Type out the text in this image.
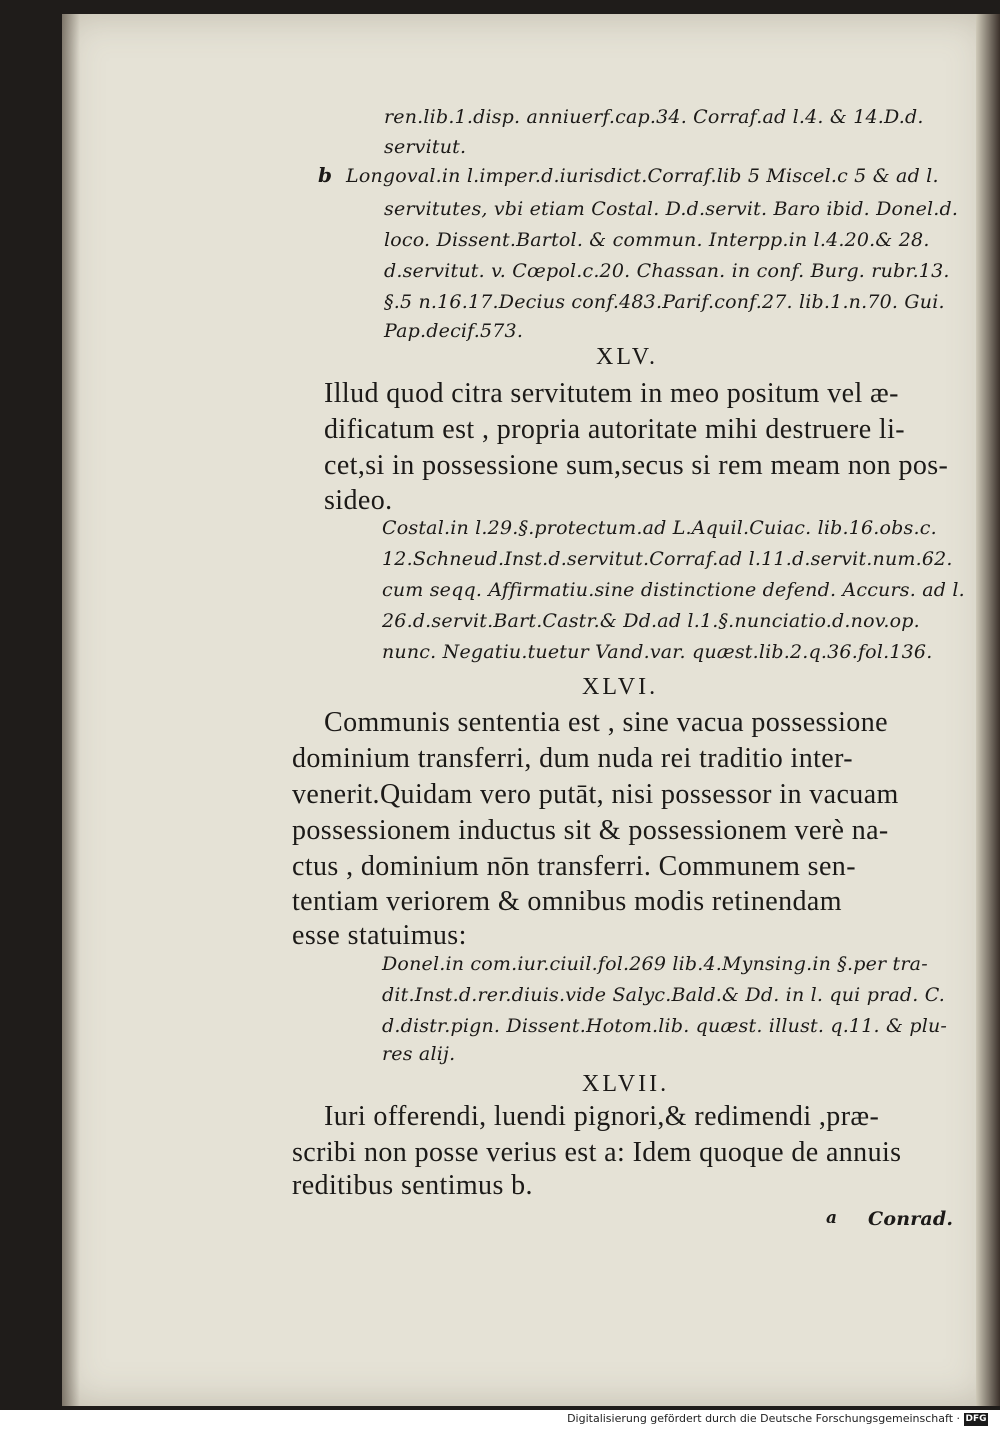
ren.lib.1.disp. anniuerf.cap.34. Corraf.ad l.4. & 14.D.d.
servitut.
b Longoval.in l.imper.d.iurisdict.Corraf.lib 5 Miscel.c 5 & ad l.
servitutes, vbi etiam Costal. D.d.servit. Baro ibid. Donel.d.
loco. Dissent.Bartol. & commun. Interpp.in l.4.20.& 28.
d.servitut. v. Cœpol.c.20. Chassan. in conf. Burg. rubr.13.
§.5 n.16.17.Decius conf.483.Parif.conf.27. lib.1.n.70. Gui.
Pap.decif.573.
XLV.
Illud quod citra servitutem in meo positum vel æ-
dificatum est , propria autoritate mihi destruere li-
cet,si in possessione sum,secus si rem meam non pos-
sideo.
Costal.in l.29.§.protectum.ad L.Aquil.Cuiac. lib.16.obs.c.
12.Schneud.Inst.d.servitut.Corraf.ad l.11.d.servit.num.62.
cum seqq. Affirmatiu.sine distinctione defend. Accurs. ad l.
26.d.servit.Bart.Castr.& Dd.ad l.1.§.nunciatio.d.nov.op.
nunc. Negatiu.tuetur Vand.var. quæst.lib.2.q.36.fol.136.
XLVI.
Communis sententia est , sine vacua possessione
dominium transferri, dum nuda rei traditio inter-
venerit.Quidam vero putāt, nisi possessor in vacuam
possessionem inductus sit & possessionem verè na-
ctus , dominium nōn transferri. Communem sen-
tentiam veriorem & omnibus modis retinendam
esse statuimus:
Donel.in com.iur.ciuil.fol.269 lib.4.Mynsing.in §.per tra-
dit.Inst.d.rer.diuis.vide Salyc.Bald.& Dd. in l. qui prad. C.
d.distr.pign. Dissent.Hotom.lib. quæst. illust. q.11. & plu-
res alij.
XLVII.
Iuri offerendi, luendi pignori,& redimendi ,præ-
scribi non posse verius est a: Idem quoque de annuis
reditibus sentimus b.
a Conrad.
Digitalisierung gefördert durch die Deutsche Forschungsgemeinschaft · DFG
